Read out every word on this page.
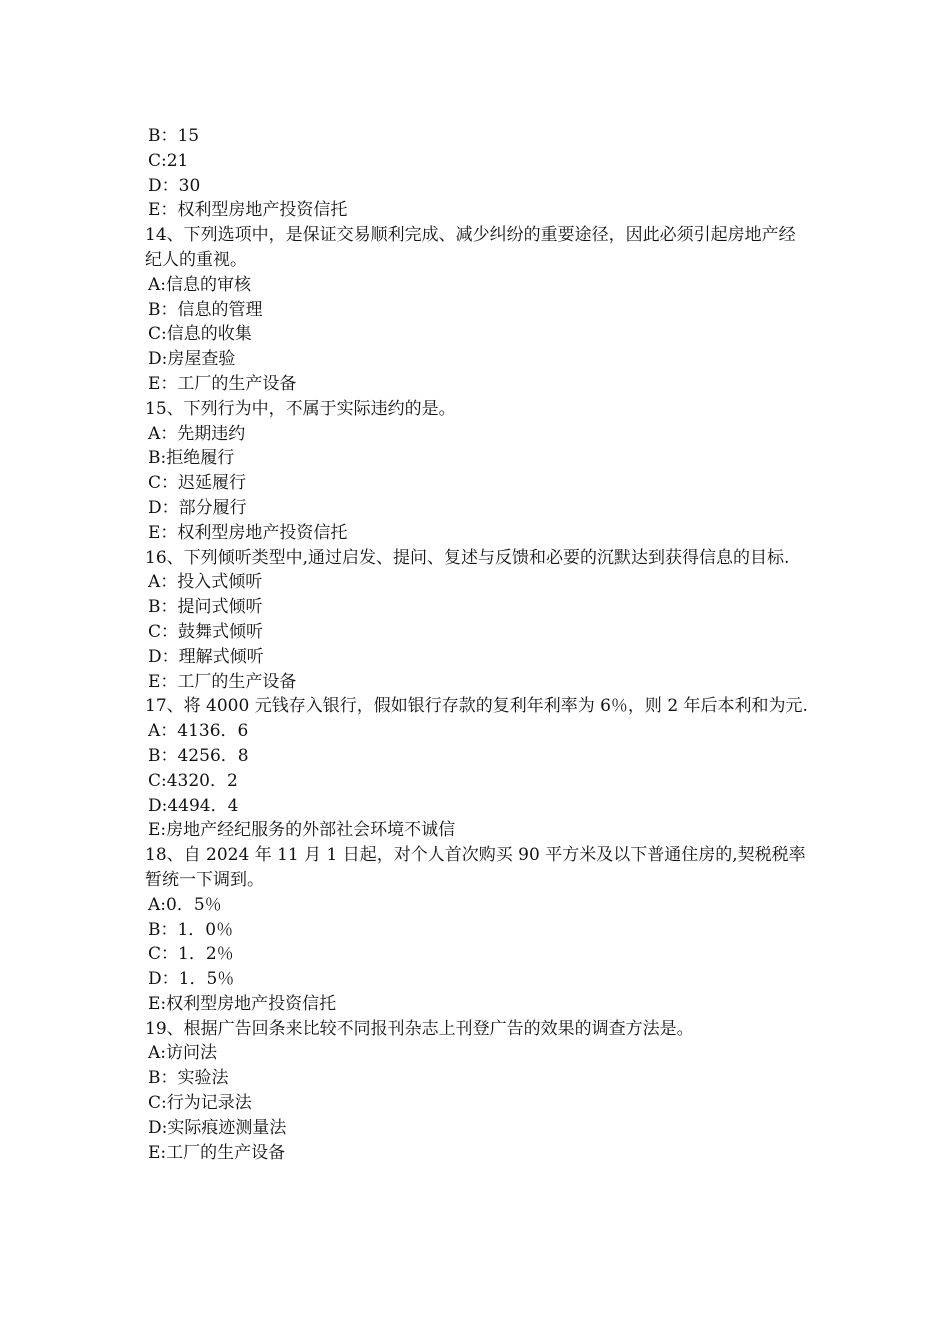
B：15
C:21
D：30
E：权利型房地产投资信托
14、下列选项中，是保证交易顺利完成、减少纠纷的重要途径，因此必须引起房地产经纪人的重视。
A:信息的审核
B：信息的管理
C:信息的收集
D:房屋查验
E：工厂的生产设备
15、下列行为中，不属于实际违约的是。
A：先期违约
B:拒绝履行
C：迟延履行
D：部分履行
E：权利型房地产投资信托
16、下列倾听类型中,通过启发、提问、复述与反馈和必要的沉默达到获得信息的目标.
A：投入式倾听
B：提问式倾听
C：鼓舞式倾听
D：理解式倾听
E：工厂的生产设备
17、将 4000 元钱存入银行，假如银行存款的复利年利率为 6％，则 2 年后本利和为元.
A：4136．6
B：4256．8
C:4320．2
D:4494．4
E:房地产经纪服务的外部社会环境不诚信
18、自 2024 年 11 月 1 日起，对个人首次购买 90 平方米及以下普通住房的,契税税率暂统一下调到。
A:0．5％
B：1．0％
C：1．2％
D：1．5％
E:权利型房地产投资信托
19、根据广告回条来比较不同报刊杂志上刊登广告的效果的调查方法是。
A:访问法
B：实验法
C:行为记录法
D:实际痕迹测量法
E:工厂的生产设备
